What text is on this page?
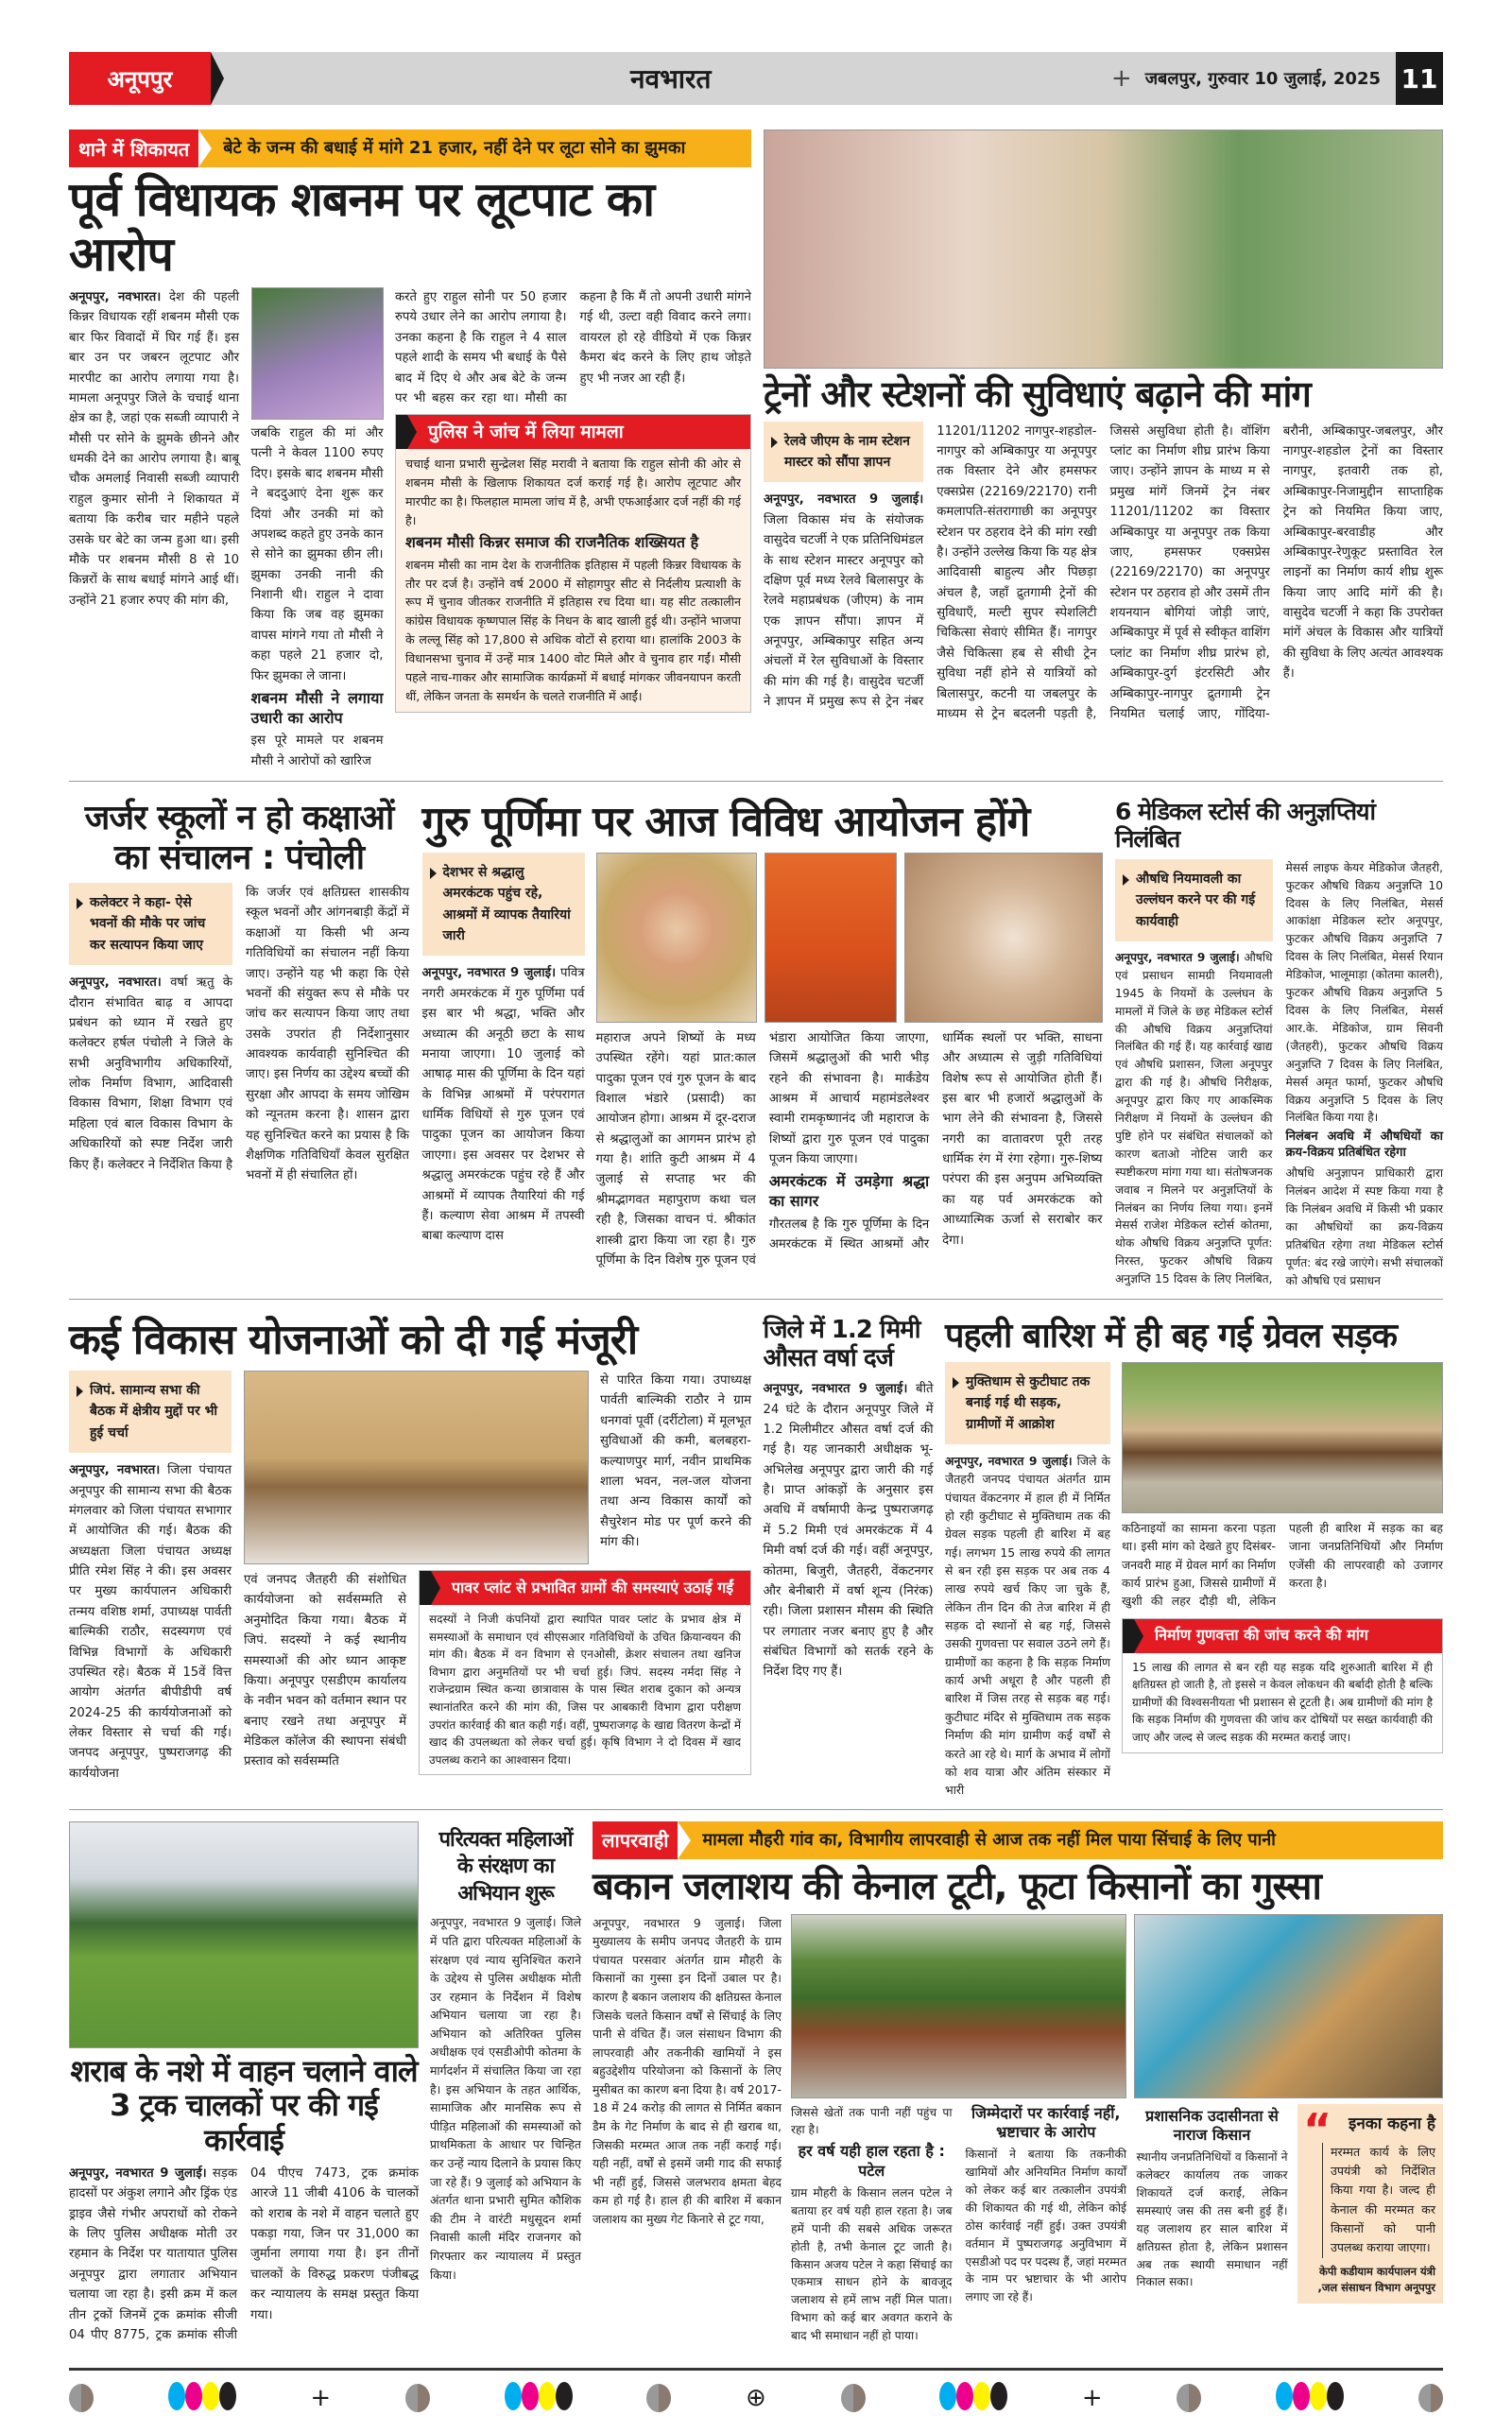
अनूपपुर	नवभारत	+ जबलपुर, गुरुवार 10 जुलाई, 2025 11
थाने में शिकायत	बेटे के जन्म की बधाई में मांगे 21 हजार, नहीं देने पर लूटा सोने का झुमका
पूर्व विधायक शबनम पर लूटपाट का आरोप
अनूपपुर, नवभारत। देश की पहली किन्नर विधायक रहीं शबनम मौसी एक बार फिर विवादों में घिर गई हैं। इस बार उन पर जबरन लूटपाट और मारपीट का आरोप लगाया गया है। मामला अनूपपुर जिले के चचाई थाना क्षेत्र का है, जहां एक सब्जी व्यापारी ने मौसी पर सोने के झुमके छीनने और धमकी देने का आरोप लगाया है। बाबू चौक अमलाई निवासी सब्जी व्यापारी राहुल कुमार सोनी ने शिकायत में बताया कि करीब चार महीने पहले उसके घर बेटे का जन्म हुआ था। इसी मौके पर शबनम मौसी 8 से 10 किन्नरों के साथ बधाई मांगने आई थीं। उन्होंने 21 हजार रुपए की मांग की,
जबकि राहुल की मां और पत्नी ने केवल 1100 रुपए दिए। इसके बाद शबनम मौसी ने बददुआएं देना शुरू कर दियां और उनकी मां को अपशब्द कहते हुए उनके कान से सोने का झुमका छीन ली। झुमका उनकी नानी की निशानी थी। राहुल ने दावा किया कि जब वह झुमका वापस मांगने गया तो मौसी ने कहा पहले 21 हजार दो, फिर झुमका ले जाना।
शबनम मौसी ने लगाया उधारी का आरोप
इस पूरे मामले पर शबनम मौसी ने आरोपों को खारिज
करते हुए राहुल सोनी पर 50 हजार रुपये उधार लेने का आरोप लगाया है। उनका कहना है कि राहुल ने 4 साल पहले शादी के समय भी बधाई के पैसे बाद में दिए थे और अब बेटे के जन्म पर भी बहस कर रहा था। मौसी का कहना है कि मैं तो अपनी उधारी मांगने गई थी, उल्टा वही विवाद करने लगा। वायरल हो रहे वीडियो में एक किन्नर कैमरा बंद करने के लिए हाथ जोड़ते हुए भी नजर आ रही हैं।
पुलिस ने जांच में लिया मामला
चचाई थाना प्रभारी सुन्द्रेलश सिंह मरावी ने बताया कि राहुल सोनी की ओर से शबनम मौसी के खिलाफ शिकायत दर्ज कराई गई है। आरोप लूटपाट और मारपीट का है। फिलहाल मामला जांच में है, अभी एफआईआर दर्ज नहीं की गई है।
शबनम मौसी किन्नर समाज की राजनैतिक शख्सियत है
शबनम मौसी का नाम देश के राजनीतिक इतिहास में पहली किन्नर विधायक के तौर पर दर्ज है। उन्होंने वर्ष 2000 में सोहागपुर सीट से निर्दलीय प्रत्याशी के रूप में चुनाव जीतकर राजनीति में इतिहास रच दिया था। यह सीट तत्कालीन कांग्रेस विधायक कृष्णपाल सिंह के निधन के बाद खाली हुई थी। उन्होंने भाजपा के लल्लू सिंह को 17,800 से अधिक वोटों से हराया था। हालांकि 2003 के विधानसभा चुनाव में उन्हें मात्र 1400 वोट मिले और वे चुनाव हार गईं। मौसी पहले नाच-गाकर और सामाजिक कार्यक्रमों में बधाई मांगकर जीवनयापन करती थीं, लेकिन जनता के समर्थन के चलते राजनीति में आईं।
ट्रेनों और स्टेशनों की सुविधाएं बढ़ाने की मांग
रेलवे जीएम के नाम स्टेशन मास्टर को सौंपा ज्ञापन
अनूपपुर, नवभारत 9 जुलाई। जिला विकास मंच के संयोजक वासुदेव चटर्जी ने एक प्रतिनिधिमंडल के साथ स्टेशन मास्टर अनूपपुर को दक्षिण पूर्व मध्य रेलवे बिलासपुर के रेलवे महाप्रबंधक (जीएम) के नाम एक ज्ञापन सौंपा। ज्ञापन में अनूपपुर, अम्बिकापुर सहित अन्य अंचलों में रेल सुविधाओं के विस्तार की मांग की गई है। वासुदेव चटर्जी ने ज्ञापन में प्रमुख रूप से ट्रेन नंबर 11201/11202 नागपुर-शहडोल-नागपुर को अम्बिकापुर या अनूपपुर तक विस्तार देने और हमसफर एक्सप्रेस (22169/22170) रानी कमलापति-संतरागाछी का अनूपपुर स्टेशन पर ठहराव देने की मांग रखी है। उन्होंने उल्लेख किया कि यह क्षेत्र आदिवासी बाहुल्य और पिछड़ा अंचल है, जहाँ द्रुतगामी ट्रेनों की सुविधाएँ, मल्टी सुपर स्पेशलिटी चिकित्सा सेवाएं सीमित हैं। नागपुर जैसे चिकित्सा हब से सीधी ट्रेन सुविधा नहीं होने से यात्रियों को बिलासपुर, कटनी या जबलपुर के माध्यम से ट्रेन बदलनी पड़ती है, जिससे असुविधा होती है। वॉशिंग प्लांट का निर्माण शीघ्र प्रारंभ किया जाए। उन्होंने ज्ञापन के माध्य म से प्रमुख मांगें जिनमें ट्रेन नंबर 11201/11202 का विस्तार अम्बिकापुर या अनूपपुर तक किया जाए, हमसफर एक्सप्रेस (22169/22170) का अनूपपुर स्टेशन पर ठहराव हो और उसमें तीन शयनयान बोगियां जोड़ी जाएं, अम्बिकापुर में पूर्व से स्वीकृत वाशिंग प्लांट का निर्माण शीघ्र प्रारंभ हो, अम्बिकापुर-दुर्ग इंटरसिटी और अम्बिकापुर-नागपुर द्रुतगामी ट्रेन नियमित चलाई जाए, गोंदिया-बरौनी, अम्बिकापुर-जबलपुर, और नागपुर-शहडोल ट्रेनों का विस्तार नागपुर, इतवारी तक हो, अम्बिकापुर-निजामुद्दीन साप्ताहिक ट्रेन को नियमित किया जाए, अम्बिकापुर-बरवाडीह और अम्बिकापुर-रेणुकूट प्रस्तावित रेल लाइनों का निर्माण कार्य शीघ्र शुरू किया जाए आदि मांगें की है। वासुदेव चटर्जी ने कहा कि उपरोक्त मांगें अंचल के विकास और यात्रियों की सुविधा के लिए अत्यंत आवश्यक हैं।
जर्जर स्कूलों न हो कक्षाओं का संचालन : पंचोली
कलेक्टर ने कहा- ऐसे भवनों की मौके पर जांच कर सत्यापन किया जाए
अनूपपुर, नवभारत। वर्षा ऋतु के दौरान संभावित बाढ़ व आपदा प्रबंधन को ध्यान में रखते हुए कलेक्टर हर्षल पंचोली ने जिले के सभी अनुविभागीय अधिकारियों, लोक निर्माण विभाग, आदिवासी विकास विभाग, शिक्षा विभाग एवं महिला एवं बाल विकास विभाग के अधिकारियों को स्पष्ट निर्देश जारी किए हैं। कलेक्टर ने निर्देशित किया है कि जर्जर एवं क्षतिग्रस्त शासकीय स्कूल भवनों और आंगनबाड़ी केंद्रों में कक्षाओं या किसी भी अन्य गतिविधियों का संचालन नहीं किया जाए। उन्होंने यह भी कहा कि ऐसे भवनों की संयुक्त रूप से मौके पर जांच कर सत्यापन किया जाए तथा उसके उपरांत ही निर्देशानुसार आवश्यक कार्यवाही सुनिश्चित की जाए। इस निर्णय का उद्देश्य बच्चों की सुरक्षा और आपदा के समय जोखिम को न्यूनतम करना है। शासन द्वारा यह सुनिश्चित करने का प्रयास है कि शैक्षणिक गतिविधियाँ केवल सुरक्षित भवनों में ही संचालित हों।
गुरु पूर्णिमा पर आज विविध आयोजन होंगे
देशभर से श्रद्धालु अमरकंटक पहुंच रहे, आश्रमों में व्यापक तैयारियां जारी
अनूपपुर, नवभारत 9 जुलाई। पवित्र नगरी अमरकंटक में गुरु पूर्णिमा पर्व इस बार भी श्रद्धा, भक्ति और अध्यात्म की अनूठी छटा के साथ मनाया जाएगा। 10 जुलाई को आषाढ़ मास की पूर्णिमा के दिन यहां के विभिन्न आश्रमों में परंपरागत धार्मिक विधियों से गुरु पूजन एवं पादुका पूजन का आयोजन किया जाएगा। इस अवसर पर देशभर से श्रद्धालु अमरकंटक पहुंच रहे हैं और आश्रमों में व्यापक तैयारियां की गई हैं। कल्याण सेवा आश्रम में तपस्वी बाबा कल्याण दास
महाराज अपने शिष्यों के मध्य उपस्थित रहेंगे। यहां प्रात:काल पादुका पूजन एवं गुरु पूजन के बाद विशाल भंडारे (प्रसादी) का आयोजन होगा। आश्रम में दूर-दराज से श्रद्धालुओं का आगमन प्रारंभ हो गया है। शांति कुटी आश्रम में 4 जुलाई से सप्ताह भर की श्रीमद्भागवत महापुराण कथा चल रही है, जिसका वाचन पं. श्रीकांत शास्त्री द्वारा किया जा रहा है। गुरु पूर्णिमा के दिन विशेष गुरु पूजन एवं भंडारा आयोजित किया जाएगा, जिसमें श्रद्धालुओं की भारी भीड़ रहने की संभावना है। मार्कंडेय आश्रम में आचार्य महामंडलेश्वर स्वामी रामकृष्णानंद जी महाराज के शिष्यों द्वारा गुरु पूजन एवं पादुका पूजन किया जाएगा।
अमरकंटक में उमड़ेगा श्रद्धा का सागर
गौरतलब है कि गुरु पूर्णिमा के दिन अमरकंटक में स्थित आश्रमों और धार्मिक स्थलों पर भक्ति, साधना और अध्यात्म से जुड़ी गतिविधियां विशेष रूप से आयोजित होती हैं। इस बार भी हजारों श्रद्धालुओं के भाग लेने की संभावना है, जिससे नगरी का वातावरण पूरी तरह धार्मिक रंग में रंगा रहेगा। गुरु-शिष्य परंपरा की इस अनुपम अभिव्यक्ति का यह पर्व अमरकंटक को आध्यात्मिक ऊर्जा से सराबोर कर देगा।
6 मेडिकल स्टोर्स की अनुज्ञप्तियां निलंबित
औषधि नियमावली का उल्लंघन करने पर की गई कार्यवाही
अनूपपुर, नवभारत 9 जुलाई। औषधि एवं प्रसाधन सामग्री नियमावली 1945 के नियमों के उल्लंघन के मामलों में जिले के छह मेडिकल स्टोर्स की औषधि विक्रय अनुज्ञप्तियां निलंबित की गई हैं। यह कार्रवाई खाद्य एवं औषधि प्रशासन, जिला अनूपपुर द्वारा की गई है। औषधि निरीक्षक, अनूपपुर द्वारा किए गए आकस्मिक निरीक्षण में नियमों के उल्लंघन की पुष्टि होने पर संबंधित संचालकों को कारण बताओ नोटिस जारी कर स्पष्टीकरण मांगा गया था। संतोषजनक जवाब न मिलने पर अनुज्ञप्तियों के निलंबन का निर्णय लिया गया। इनमें मेसर्स राजेश मेडिकल स्टोर्स कोतमा, थोक औषधि विक्रय अनुज्ञप्ति पूर्णत: निरस्त, फुटकर औषधि विक्रय अनुज्ञप्ति 15 दिवस के लिए निलंबित, मेसर्स लाइफ केयर मेडिकोज जैतहरी, फुटकर औषधि विक्रय अनुज्ञप्ति 10 दिवस के लिए निलंबित, मेसर्स आकांक्षा मेडिकल स्टोर अनूपपुर, फुटकर औषधि विक्रय अनुज्ञप्ति 7 दिवस के लिए निलंबित, मेसर्स रियान मेडिकोज, भालूमाड़ा (कोतमा कालरी), फुटकर औषधि विक्रय अनुज्ञप्ति 5 दिवस के लिए निलंबित, मेसर्स आर.के. मेडिकोज, ग्राम सिवनी (जैतहरी), फुटकर औषधि विक्रय अनुज्ञप्ति 7 दिवस के लिए निलंबित, मेसर्स अमृत फार्मा, फुटकर औषधि विक्रय अनुज्ञप्ति 5 दिवस के लिए निलंबित किया गया है।
निलंबन अवधि में औषधियों का क्रय-विक्रय प्रतिबंधित रहेगा
औषधि अनुज्ञापन प्राधिकारी द्वारा निलंबन आदेश में स्पष्ट किया गया है कि निलंबन अवधि में किसी भी प्रकार का औषधियों का क्रय-विक्रय प्रतिबंधित रहेगा तथा मेडिकल स्टोर्स पूर्णत: बंद रखे जाएंगे। सभी संचालकों को औषधि एवं प्रसाधन
कई विकास योजनाओं को दी गई मंजूरी
जिपं. सामान्य सभा की बैठक में क्षेत्रीय मुद्दों पर भी हुई चर्चा
अनूपपुर, नवभारत। जिला पंचायत अनूपपुर की सामान्य सभा की बैठक मंगलवार को जिला पंचायत सभागार में आयोजित की गई। बैठक की अध्यक्षता जिला पंचायत अध्यक्ष प्रीति रमेश सिंह ने की। इस अवसर पर मुख्य कार्यपालन अधिकारी तन्मय वशिष्ठ शर्मा, उपाध्यक्ष पार्वती बाल्मिकी राठौर, सदस्यगण एवं विभिन्न विभागों के अधिकारी उपस्थित रहे। बैठक में 15वें वित्त आयोग अंतर्गत बीपीडीपी वर्ष 2024-25 की कार्ययोजनाओं को लेकर विस्तार से चर्चा की गई। जनपद अनूपपुर, पुष्पराजगढ़ की कार्ययोजना
से पारित किया गया। उपाध्यक्ष पार्वती बाल्मिकी राठौर ने ग्राम धनगवां पूर्वी (दर्रीटोला) में मूलभूत सुविधाओं की कमी, बलबहरा-कल्याणपुर मार्ग, नवीन प्राथमिक शाला भवन, नल-जल योजना तथा अन्य विकास कार्यों को सैचुरेशन मोड पर पूर्ण करने की मांग की।
एवं जनपद जैतहरी की संशोधित कार्ययोजना को सर्वसम्मति से अनुमोदित किया गया। बैठक में जिपं. सदस्यों ने कई स्थानीय समस्याओं की ओर ध्यान आकृष्ट किया। अनूपपुर एसडीएम कार्यालय के नवीन भवन को वर्तमान स्थान पर बनाए रखने तथा अनूपपुर में मेडिकल कॉलेज की स्थापना संबंधी प्रस्ताव को सर्वसम्मति
पावर प्लांट से प्रभावित ग्रामों की समस्याएं उठाई गईं
सदस्यों ने निजी कंपनियों द्वारा स्थापित पावर प्लांट के प्रभाव क्षेत्र में समस्याओं के समाधान एवं सीएसआर गतिविधियों के उचित क्रियान्वयन की मांग की। बैठक में वन विभाग से एनओसी, क्रेशर संचालन तथा खनिज विभाग द्वारा अनुमतियों पर भी चर्चा हुई। जिपं. सदस्य नर्मदा सिंह ने राजेन्द्रग्राम स्थित कन्या छात्रावास के पास स्थित शराब दुकान को अन्यत्र स्थानांतरित करने की मांग की, जिस पर आबकारी विभाग द्वारा परीक्षण उपरांत कार्रवाई की बात कही गई। वहीं, पुष्पराजगढ़ के खाद्य वितरण केन्द्रों में खाद की उपलब्धता को लेकर चर्चा हुई। कृषि विभाग ने दो दिवस में खाद उपलब्ध कराने का आश्वासन दिया।
जिले में 1.2 मिमी औसत वर्षा दर्ज
अनूपपुर, नवभारत 9 जुलाई। बीते 24 घंटे के दौरान अनूपपुर जिले में 1.2 मिलीमीटर औसत वर्षा दर्ज की गई है। यह जानकारी अधीक्षक भू-अभिलेख अनूपपुर द्वारा जारी की गई है। प्राप्त आंकड़ों के अनुसार इस अवधि में वर्षामापी केन्द्र पुष्पराजगढ़ में 5.2 मिमी एवं अमरकंटक में 4 मिमी वर्षा दर्ज की गई। वहीं अनूपपुर, कोतमा, बिजुरी, जैतहरी, वेंकटनगर और बेनीबारी में वर्षा शून्य (निरंक) रही। जिला प्रशासन मौसम की स्थिति पर लगातार नजर बनाए हुए है और संबंधित विभागों को सतर्क रहने के निर्देश दिए गए हैं।
पहली बारिश में ही बह गई ग्रेवल सड़क
मुक्तिधाम से कुटीघाट तक बनाई गई थी सड़क, ग्रामीणों में आक्रोश
अनूपपुर, नवभारत 9 जुलाई। जिले के जैतहरी जनपद पंचायत अंतर्गत ग्राम पंचायत वेंकटनगर में हाल ही में निर्मित हो रही कुटीघाट से मुक्तिधाम तक की ग्रेवल सड़क पहली ही बारिश में बह गई। लगभग 15 लाख रुपये की लागत से बन रही इस सड़क पर अब तक 4 लाख रुपये खर्च किए जा चुके हैं, लेकिन तीन दिन की तेज बारिश में ही सड़क दो स्थानों से बह गई, जिससे उसकी गुणवत्ता पर सवाल उठने लगे हैं। ग्रामीणों का कहना है कि सड़क निर्माण कार्य अभी अधूरा है और पहली ही बारिश में जिस तरह से सड़क बह गई। कुटीघाट मंदिर से मुक्तिधाम तक सड़क निर्माण की मांग ग्रामीण कई वर्षों से करते आ रहे थे। मार्ग के अभाव में लोगों को शव यात्रा और अंतिम संस्कार में भारी
कठिनाइयों का सामना करना पड़ता था। इसी मांग को देखते हुए दिसंबर-जनवरी माह में ग्रेवल मार्ग का निर्माण कार्य प्रारंभ हुआ, जिससे ग्रामीणों में खुशी की लहर दौड़ी थी, लेकिन पहली ही बारिश में सड़क का बह जाना जनप्रतिनिधियों और निर्माण एजेंसी की लापरवाही को उजागर करता है।
निर्माण गुणवत्ता की जांच करने की मांग
15 लाख की लागत से बन रही यह सड़क यदि शुरुआती बारिश में ही क्षतिग्रस्त हो जाती है, तो इससे न केवल लोकधन की बर्बादी होती है बल्कि ग्रामीणों की विश्वसनीयता भी प्रशासन से टूटती है। अब ग्रामीणों की मांग है कि सड़क निर्माण की गुणवत्ता की जांच कर दोषियों पर सख्त कार्यवाही की जाए और जल्द से जल्द सड़क की मरम्मत कराई जाए।
शराब के नशे में वाहन चलाने वाले 3 ट्रक चालकों पर की गई कार्रवाई
अनूपपुर, नवभारत 9 जुलाई। सड़क हादसों पर अंकुश लगाने और ड्रिंक एंड ड्राइव जैसे गंभीर अपराधों को रोकने के लिए पुलिस अधीक्षक मोती उर रहमान के निर्देश पर यातायात पुलिस अनूपपुर द्वारा लगातार अभियान चलाया जा रहा है। इसी क्रम में कल तीन ट्रकों जिनमें ट्रक क्रमांक सीजी 04 पीए 8775, ट्रक क्रमांक सीजी 04 पीएच 7473, ट्रक क्रमांक आरजे 11 जीबी 4106 के चालकों को शराब के नशे में वाहन चलाते हुए पकड़ा गया, जिन पर 31,000 का जुर्माना लगाया गया है। इन तीनों चालकों के विरुद्ध प्रकरण पंजीबद्ध कर न्यायालय के समक्ष प्रस्तुत किया गया।
परित्यक्त महिलाओं के संरक्षण का अभियान शुरू
अनूपपुर, नवभारत 9 जुलाई। जिले में पति द्वारा परित्यक्त महिलाओं के संरक्षण एवं न्याय सुनिश्चित कराने के उद्देश्य से पुलिस अधीक्षक मोती उर रहमान के निर्देशन में विशेष अभियान चलाया जा रहा है। अभियान को अतिरिक्त पुलिस अधीक्षक एवं एसडीओपी कोतमा के मार्गदर्शन में संचालित किया जा रहा है। इस अभियान के तहत आर्थिक, सामाजिक और मानसिक रूप से पीड़ित महिलाओं की समस्याओं को प्राथमिकता के आधार पर चिन्हित कर उन्हें न्याय दिलाने के प्रयास किए जा रहे हैं। 9 जुलाई को अभियान के अंतर्गत थाना प्रभारी सुमित कौशिक की टीम ने वारंटी मधुसूदन शर्मा निवासी काली मंदिर राजनगर को गिरफ्तार कर न्यायालय में प्रस्तुत किया।
लापरवाही	मामला मौहरी गांव का, विभागीय लापरवाही से आज तक नहीं मिल पाया सिंचाई के लिए पानी
बकान जलाशय की केनाल टूटी, फूटा किसानों का गुस्सा
अनूपपुर, नवभारत 9 जुलाई। जिला मुख्यालय के समीप जनपद जैतहरी के ग्राम पंचायत परसवार अंतर्गत ग्राम मौहरी के किसानों का गुस्सा इन दिनों उबाल पर है। कारण है बकान जलाशय की क्षतिग्रस्त केनाल जिसके चलते किसान वर्षों से सिंचाई के लिए पानी से वंचित हैं। जल संसाधन विभाग की लापरवाही और तकनीकी खामियों ने इस बहुउद्देशीय परियोजना को किसानों के लिए मुसीबत का कारण बना दिया है। वर्ष 2017-18 में 24 करोड़ की लागत से निर्मित बकान डैम के गेट निर्माण के बाद से ही खराब था, जिसकी मरम्मत आज तक नहीं कराई गई। यही नहीं, वर्षों से इसमें जमी गाद की सफाई भी नहीं हुई, जिससे जलभराव क्षमता बेहद कम हो गई है। हाल ही की बारिश में बकान जलाशय का मुख्य गेट किनारे से टूट गया,
जिससे खेतों तक पानी नहीं पहुंच पा रहा है।
हर वर्ष यही हाल रहता है : पटेल
ग्राम मौहरी के किसान ललन पटेल ने बताया हर वर्ष यही हाल रहता है। जब हमें पानी की सबसे अधिक जरूरत होती है, तभी केनाल टूट जाती है। किसान अजय पटेल ने कहा सिंचाई का एकमात्र साधन होने के बावजूद जलाशय से हमें लाभ नहीं मिल पाता। विभाग को कई बार अवगत कराने के बाद भी समाधान नहीं हो पाया।
जिम्मेदारों पर कार्रवाई नहीं, भ्रष्टाचार के आरोप
किसानों ने बताया कि तकनीकी खामियों और अनियमित निर्माण कार्यों को लेकर कई बार तत्कालीन उपयंत्री की शिकायत की गई थी, लेकिन कोई ठोस कार्रवाई नहीं हुई। उक्त उपयंत्री वर्तमान में पुष्पराजगढ़ अनुविभाग में एसडीओ पद पर पदस्थ हैं, जहां मरम्मत के नाम पर भ्रष्टाचार के भी आरोप लगाए जा रहे हैं।
प्रशासनिक उदासीनता से नाराज किसान
स्थानीय जनप्रतिनिधियों व किसानों ने कलेक्टर कार्यालय तक जाकर शिकायतें दर्ज कराईं, लेकिन समस्याएं जस की तस बनी हुई हैं। यह जलाशय हर साल बारिश में क्षतिग्रस्त होता है, लेकिन प्रशासन अब तक स्थायी समाधान नहीं निकाल सका।
“	इनका कहना है
मरम्मत कार्य के लिए उपयंत्री को निर्देशित किया गया है। जल्द ही केनाल की मरम्मत कर किसानों को पानी उपलब्ध कराया जाएगा।
केपी कडीयाम कार्यपालन यंत्री ,जल संसाधन विभाग अनूपपुर
+	⊕	+
